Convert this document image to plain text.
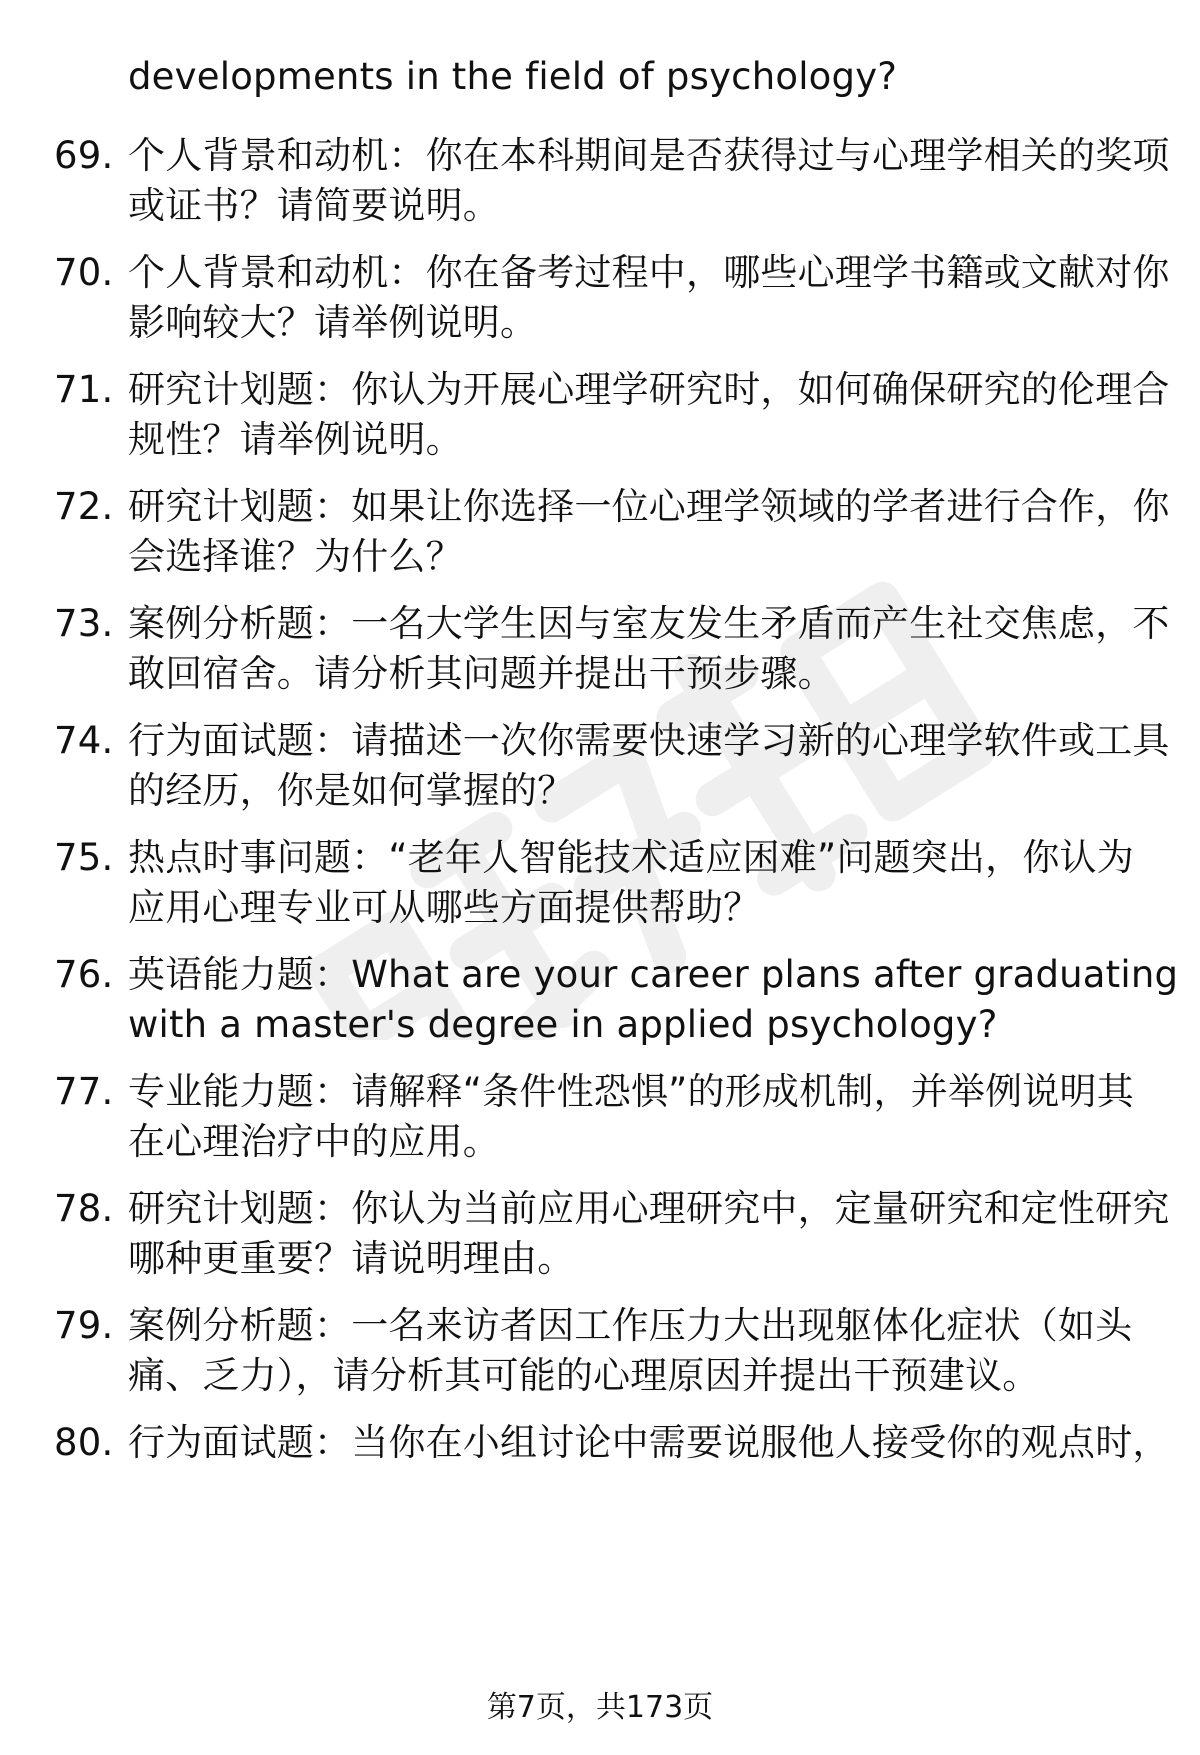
developments in the field of psychology?
69. 个人背景和动机：你在本科期间是否获得过与心理学相关的奖项
或证书？请简要说明。
70. 个人背景和动机：你在备考过程中，哪些心理学书籍或文献对你
影响较大？请举例说明。
71. 研究计划题：你认为开展心理学研究时，如何确保研究的伦理合
规性？请举例说明。
72. 研究计划题：如果让你选择一位心理学领域的学者进行合作，你
会选择谁？为什么？
73. 案例分析题：一名大学生因与室友发生矛盾而产生社交焦虑，不
敢回宿舍。请分析其问题并提出干预步骤。
74. 行为面试题：请描述一次你需要快速学习新的心理学软件或工具
的经历，你是如何掌握的？
75. 热点时事问题：“老年人智能技术适应困难”问题突出，你认为
应用心理专业可从哪些方面提供帮助？
76. 英语能力题：What are your career plans after graduating
with a master's degree in applied psychology?
77. 专业能力题：请解释“条件性恐惧”的形成机制，并举例说明其
在心理治疗中的应用。
78. 研究计划题：你认为当前应用心理研究中，定量研究和定性研究
哪种更重要？请说明理由。
79. 案例分析题：一名来访者因工作压力大出现躯体化症状（如头
痛、乏力），请分析其可能的心理原因并提出干预建议。
80. 行为面试题：当你在小组讨论中需要说服他人接受你的观点时，
第7页，共173页
